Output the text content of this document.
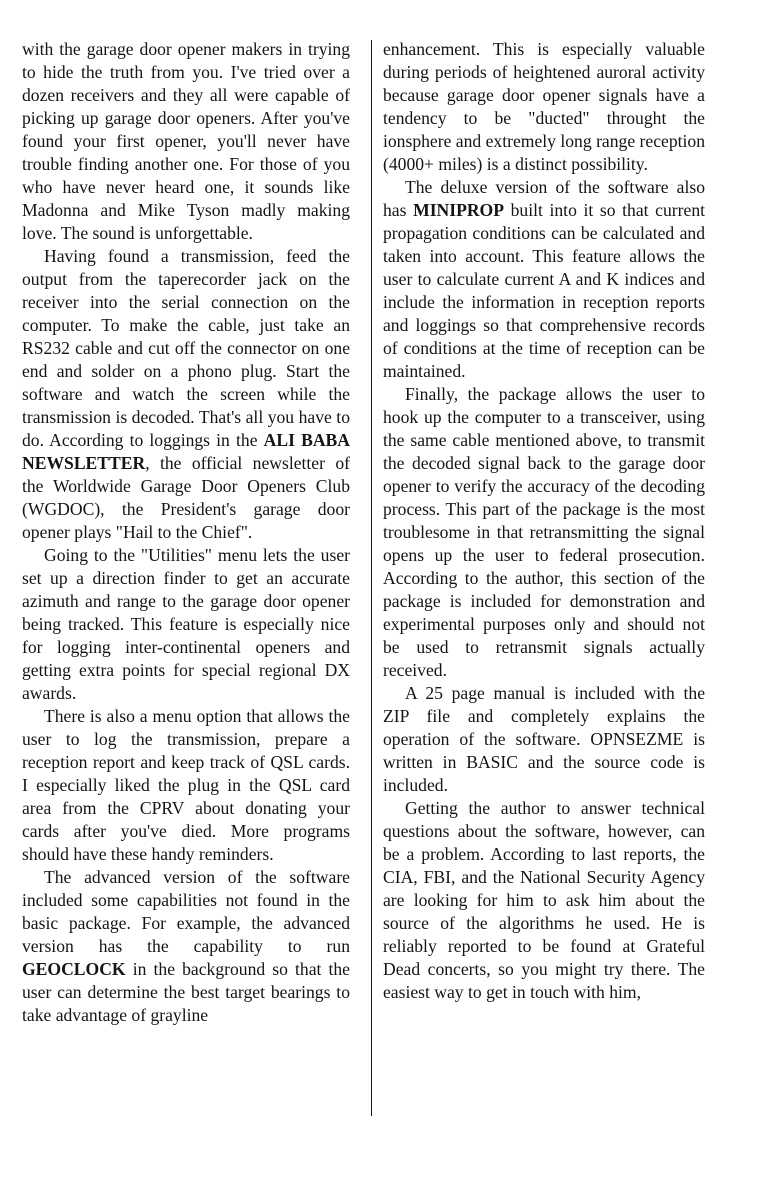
with the garage door opener makers in trying to hide the truth from you. I've tried over a dozen receivers and they all were capable of picking up garage door openers. After you've found your first opener, you'll never have trouble finding another one. For those of you who have never heard one, it sounds like Madonna and Mike Tyson madly making love. The sound is unforgettable.

Having found a transmission, feed the output from the taperecorder jack on the receiver into the serial connection on the computer. To make the cable, just take an RS232 cable and cut off the connector on one end and solder on a phono plug. Start the software and watch the screen while the transmission is decoded. That's all you have to do. According to loggings in the ALI BABA NEWSLETTER, the official newsletter of the Worldwide Garage Door Openers Club (WGDOC), the President's garage door opener plays "Hail to the Chief".

Going to the "Utilities" menu lets the user set up a direction finder to get an accurate azimuth and range to the garage door opener being tracked. This feature is especially nice for logging inter-continental openers and getting extra points for special regional DX awards.

There is also a menu option that allows the user to log the transmission, prepare a reception report and keep track of QSL cards. I especially liked the plug in the QSL card area from the CPRV about donating your cards after you've died. More programs should have these handy reminders.

The advanced version of the software included some capabilities not found in the basic package. For example, the advanced version has the capability to run GEOCLOCK in the background so that the user can determine the best target bearings to take advantage of grayline

enhancement. This is especially valuable during periods of heightened auroral activity because garage door opener signals have a tendency to be "ducted" throught the ionsphere and extremely long range reception (4000+ miles) is a distinct possibility.

The deluxe version of the software also has MINIPROP built into it so that current propagation conditions can be calculated and taken into account. This feature allows the user to calculate current A and K indices and include the information in reception reports and loggings so that comprehensive records of conditions at the time of reception can be maintained.

Finally, the package allows the user to hook up the computer to a transceiver, using the same cable mentioned above, to transmit the decoded signal back to the garage door opener to verify the accuracy of the decoding process. This part of the package is the most troublesome in that retransmitting the signal opens up the user to federal prosecution. According to the author, this section of the package is included for demonstration and experimental purposes only and should not be used to retransmit signals actually received.

A 25 page manual is included with the ZIP file and completely explains the operation of the software. OPNSEZME is written in BASIC and the source code is included.

Getting the author to answer technical questions about the software, however, can be a problem. According to last reports, the CIA, FBI, and the National Security Agency are looking for him to ask him about the source of the algorithms he used. He is reliably reported to be found at Grateful Dead concerts, so you might try there. The easiest way to get in touch with him,
